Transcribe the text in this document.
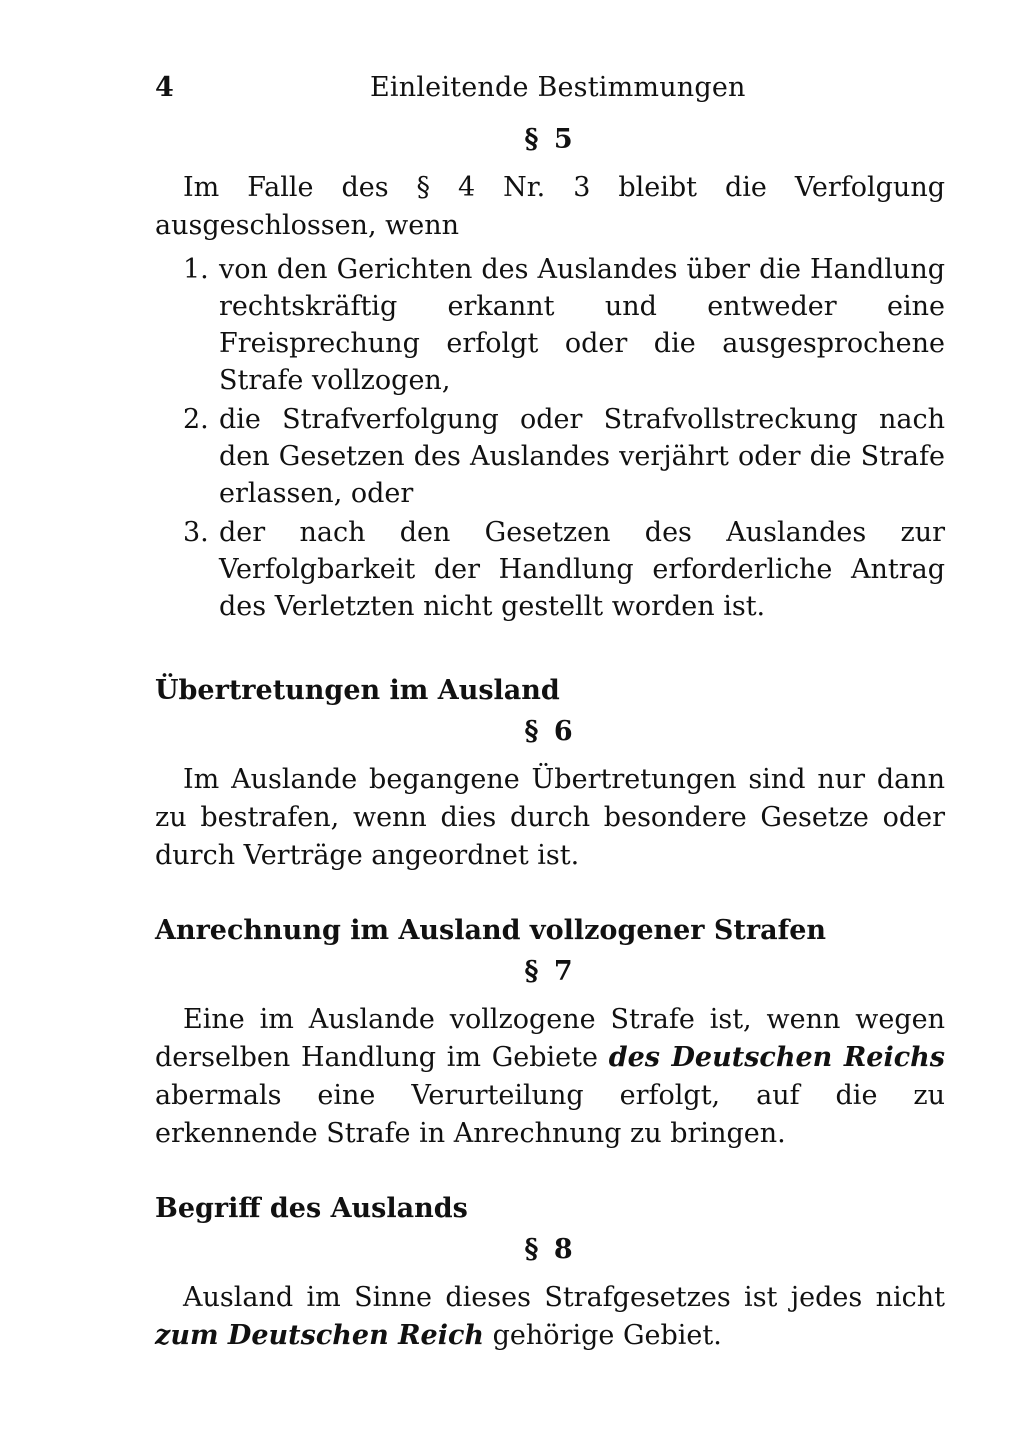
4	Einleitende Bestimmungen
§ 5

Im Falle des § 4 Nr. 3 bleibt die Verfolgung ausgeschlossen, wenn

1. von den Gerichten des Auslandes über die Handlung rechtskräftig erkannt und entweder eine Freisprechung erfolgt oder die ausgesprochene Strafe vollzogen,
2. die Strafverfolgung oder Strafvollstreckung nach den Gesetzen des Auslandes verjährt oder die Strafe erlassen, oder
3. der nach den Gesetzen des Auslandes zur Verfolgbarkeit der Handlung erforderliche Antrag des Verletzten nicht gestellt worden ist.
Übertretungen im Ausland
§ 6

Im Auslande begangene Übertretungen sind nur dann zu bestrafen, wenn dies durch besondere Gesetze oder durch Verträge angeordnet ist.

Anrechnung im Ausland vollzogener Strafen
§ 7

Eine im Auslande vollzogene Strafe ist, wenn wegen derselben Handlung im Gebiete des Deutschen Reichs abermals eine Verurteilung erfolgt, auf die zu erkennende Strafe in Anrechnung zu bringen.

Begriff des Auslands
§ 8

Ausland im Sinne dieses Strafgesetzes ist jedes nicht zum Deutschen Reich gehörige Gebiet.
